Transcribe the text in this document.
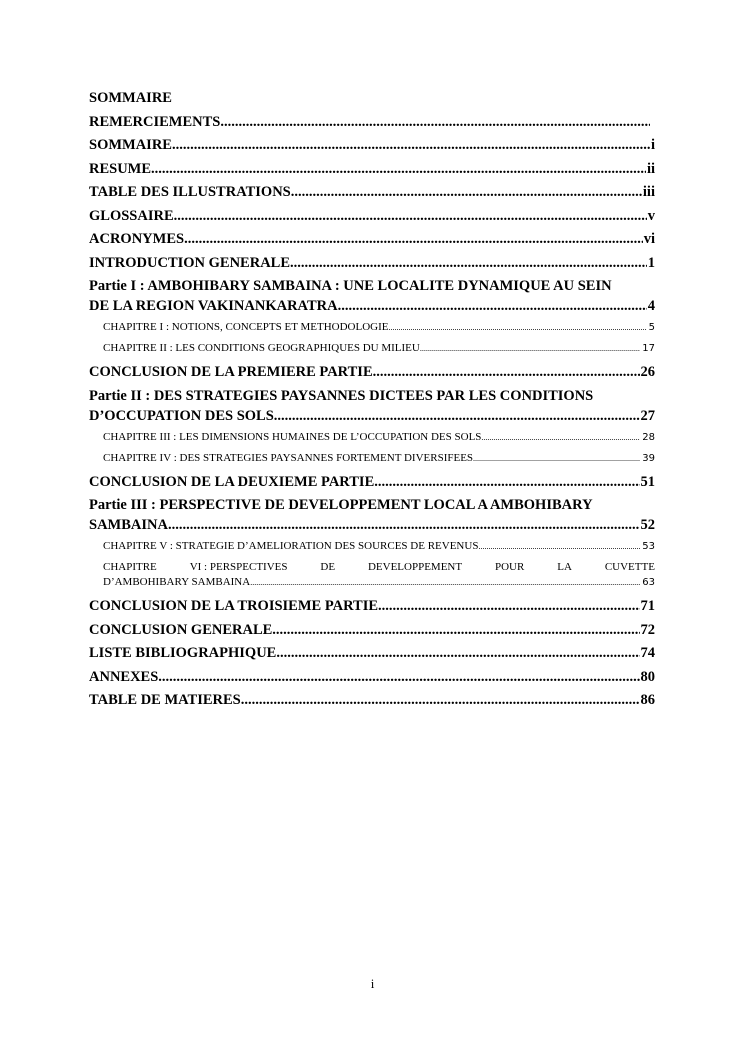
SOMMAIRE
REMERCIEMENTS
.....
SOMMAIRE .....	i
RESUME .....	ii
TABLE DES ILLUSTRATIONS .....	iii
GLOSSAIRE .....	v
ACRONYMES .....	vi
INTRODUCTION GENERALE .....	1
Partie I : AMBOHIBARY SAMBAINA : UNE LOCALITE DYNAMIQUE AU SEIN
DE LA REGION VAKINANKARATRA .....	4
CHAPITRE I : NOTIONS, CONCEPTS ET METHODOLOGIE .....	5
CHAPITRE II : LES CONDITIONS GEOGRAPHIQUES DU MILIEU .....	17
CONCLUSION DE LA PREMIERE PARTIE .....	26
Partie II : DES STRATEGIES PAYSANNES DICTEES PAR LES CONDITIONS
D’OCCUPATION DES SOLS .....	27
CHAPITRE III : LES DIMENSIONS HUMAINES DE L’OCCUPATION DES SOLS .....	28
CHAPITRE IV : DES STRATEGIES PAYSANNES FORTEMENT DIVERSIFEES .....	39
CONCLUSION DE LA DEUXIEME PARTIE .....	51
Partie III : PERSPECTIVE DE DEVELOPPEMENT LOCAL A AMBOHIBARY
SAMBAINA .....	52
CHAPITRE V : STRATEGIE D’AMELIORATION DES SOURCES DE REVENUS .....	53
CHAPITRE	VI : PERSPECTIVES	DE	DEVELOPPEMENT	POUR	LA	CUVETTE
D’AMBOHIBARY SAMBAINA .....	63
CONCLUSION DE LA TROISIEME PARTIE .....	71
CONCLUSION GENERALE .....	72
LISTE BIBLIOGRAPHIQUE .....	74
ANNEXES .....	80
TABLE DE MATIERES .....	86
i
